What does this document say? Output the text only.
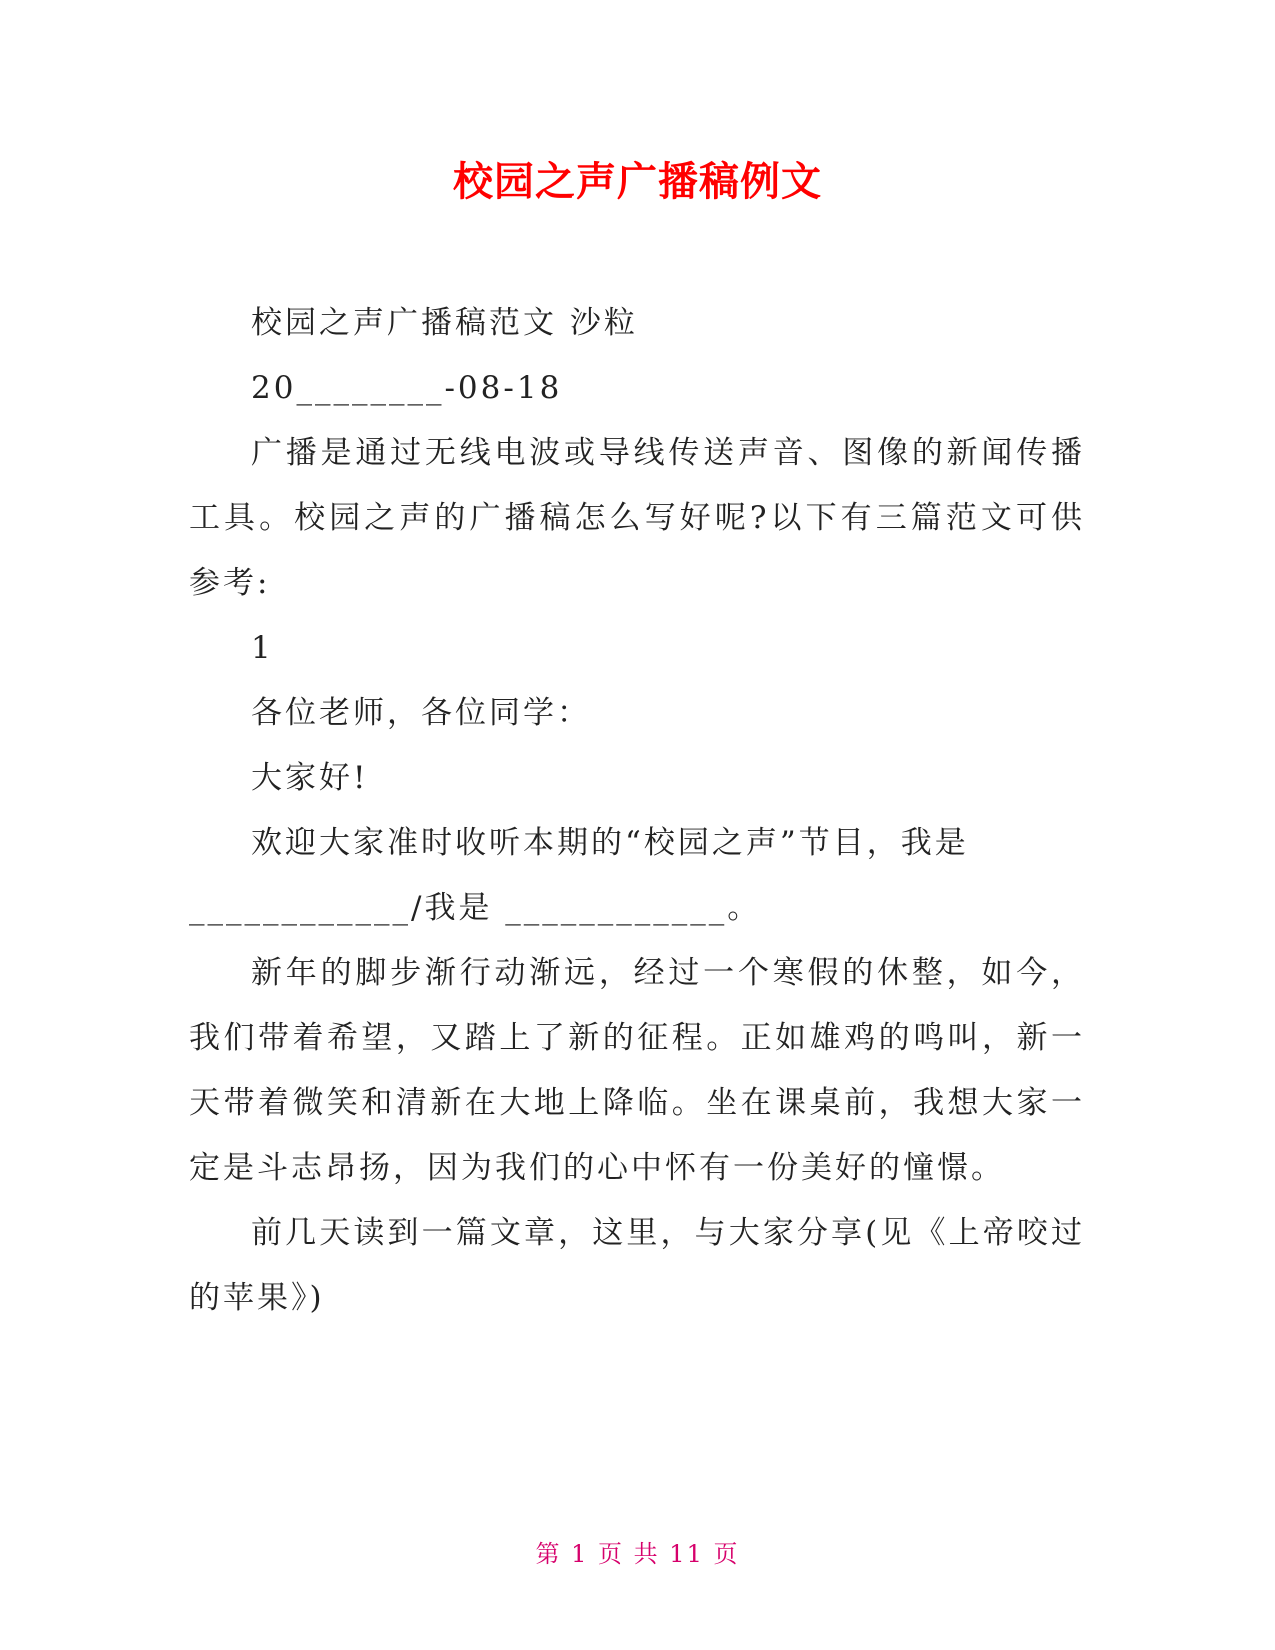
校园之声广播稿例文

校园之声广播稿范文 沙粒

20________-08-18

广播是通过无线电波或导线传送声音、图像的新闻传播工具。校园之声的广播稿怎么写好呢?以下有三篇范文可供参考:

1

各位老师，各位同学：

大家好!

欢迎大家准时收听本期的“校园之声”节目，我是

____________/我是 ____________。

新年的脚步渐行动渐远，经过一个寒假的休整，如今，我们带着希望，又踏上了新的征程。正如雄鸡的鸣叫，新一天带着微笑和清新在大地上降临。坐在课桌前，我想大家一定是斗志昂扬，因为我们的心中怀有一份美好的憧憬。

前几天读到一篇文章，这里，与大家分享(见《上帝咬过的苹果》)

第 1 页 共 11 页
